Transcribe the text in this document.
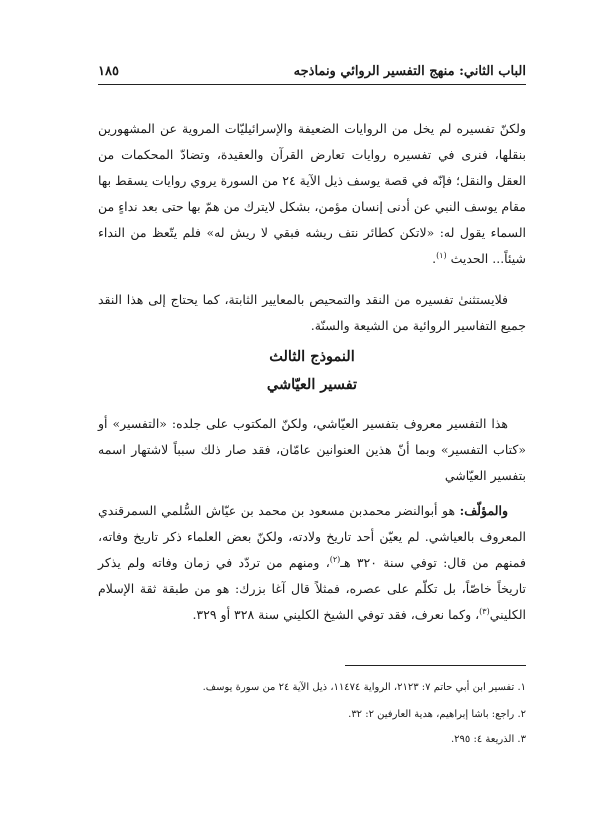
الباب الثاني: منهج التفسير الروائي ونماذجه
١٨٥

ولكنّ تفسيره لم يخل من الروايات الضعيفة والإسرائيليّات المروية عن المشهورين بنقلها، فنرى في تفسيره روايات تعارض القرآن والعقيدة، وتضادّ المحكمات من العقل والنقل؛ فإنّه في قصة يوسف ذيل الآية ٢٤ من السورة يروي روايات يسقط بها مقام يوسف النبي عن أدنى إنسان مؤمن، بشكل لايترك من همّ بها حتى بعد نداءٍ من السماء يقول له: «لاتكن كطائر نتف ريشه فبقي لا ريش له» فلم يتّعظ من النداء شيئاً... الحديث $^{(١)}$.

فلايستثنىٰ تفسيره من النقد والتمحيص بالمعايير الثابتة، كما يحتاج إلى هذا النقد جميع التفاسير الروائية من الشيعة والسنّة.

النموذج الثالث
تفسير العيّاشي

هذا التفسير معروف بتفسير العيّاشي، ولكنّ المكتوب على جلده: «التفسير» أو «كتاب التفسير» وبما أنّ هذين العنوانين عامّان، فقد صار ذلك سبباً لاشتهار اسمه بتفسير العيّاشي

والمؤلّف: هو أبوالنضر محمدبن مسعود بن محمد بن عيّاش السُّلمي السمرقندي المعروف بالعياشي. لم يعيّن أحد تاريخ ولادته، ولكنّ بعض العلماء ذكر تاريخ وفاته، فمنهم من قال: توفي سنة ٣٢٠ هـ$^{(٢)}$، ومنهم من تردّد في زمان وفاته ولم يذكر تاريخاً خاصّاً، بل تكلّم على عصره، فمثلاً قال آغا بزرك: هو من طبقة ثقة الإسلام الكليني$^{(٣)}$، وكما نعرف، فقد توفي الشيخ الكليني سنة ٣٢٨ أو ٣٢٩.

١. تفسير ابن أبي حاتم ٧: ٢١٢٣، الرواية ١١٤٧٤، ذيل الآية ٢٤ من سورة يوسف.

٢. راجع: باشا إبراهيم، هدية العارفين ٢: ٣٢.

٣. الذريعة ٤: ٢٩٥.
